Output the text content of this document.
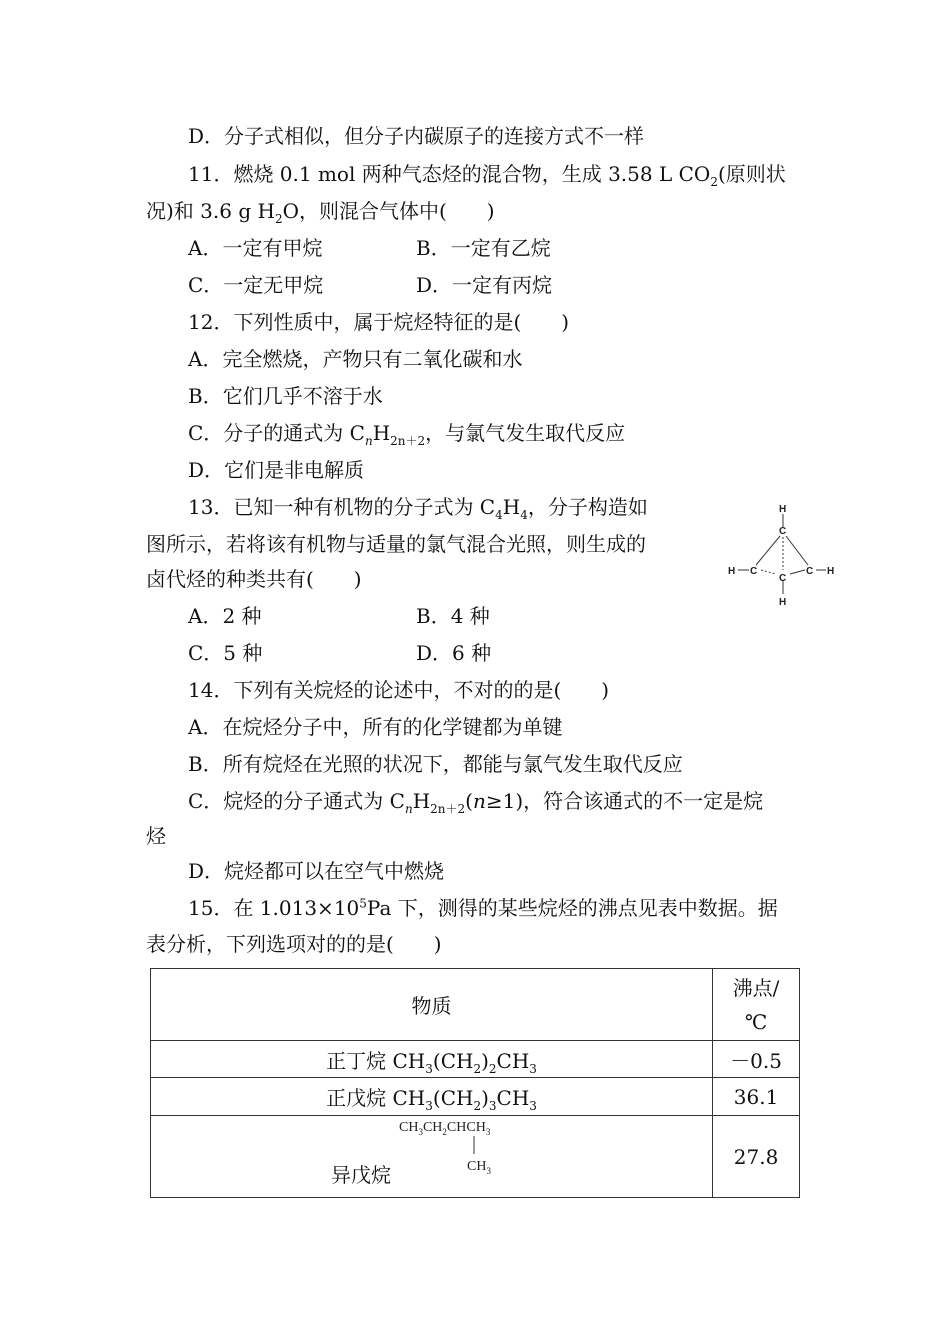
D．分子式相似，但分子内碳原子的连接方式不一样
11．燃烧 0.1 mol 两种气态烃的混合物，生成 3.58 L $CO_2$(原则状
况)和 3.6 g $H_2O$，则混合气体中(　　)
A．一定有甲烷	B．一定有乙烷
C．一定无甲烷	D．一定有丙烷
12．下列性质中，属于烷烃特征的是(　　)
A．完全燃烧，产物只有二氧化碳和水
B．它们几乎不溶于水
C．分子的通式为 $C_nH_{2n+2}$，与氯气发生取代反应
D．它们是非电解质
13．已知一种有机物的分子式为 $C_4H_4$，分子构造如
图所示，若将该有机物与适量的氯气混合光照，则生成的
卤代烃的种类共有(　　)
H
C
H C	C H
C
H
A．2 种	B．4 种
C．5 种	D．6 种
14．下列有关烷烃的论述中，不对的的是(　　)
A．在烷烃分子中，所有的化学键都为单键
B．所有烷烃在光照的状况下，都能与氯气发生取代反应
C．烷烃的分子通式为 $C_nH_{2n+2}(n\ge 1)$，符合该通式的不一定是烷
烃
D．烷烃都可以在空气中燃烧
15．在 $1.013\times 10^5Pa$ 下，测得的某些烷烃的沸点见表中数据。据
表分析，下列选项对的的是(　　)
物质	沸点/
℃
正丁烷 $CH_3(CH_2)_2CH_3$	－0.5
正戊烷 $CH_3(CH_2)_3CH_3$	36.1

异戊烷
$CH_3CH_2CHCH_3$
$CH_3$	27.8
